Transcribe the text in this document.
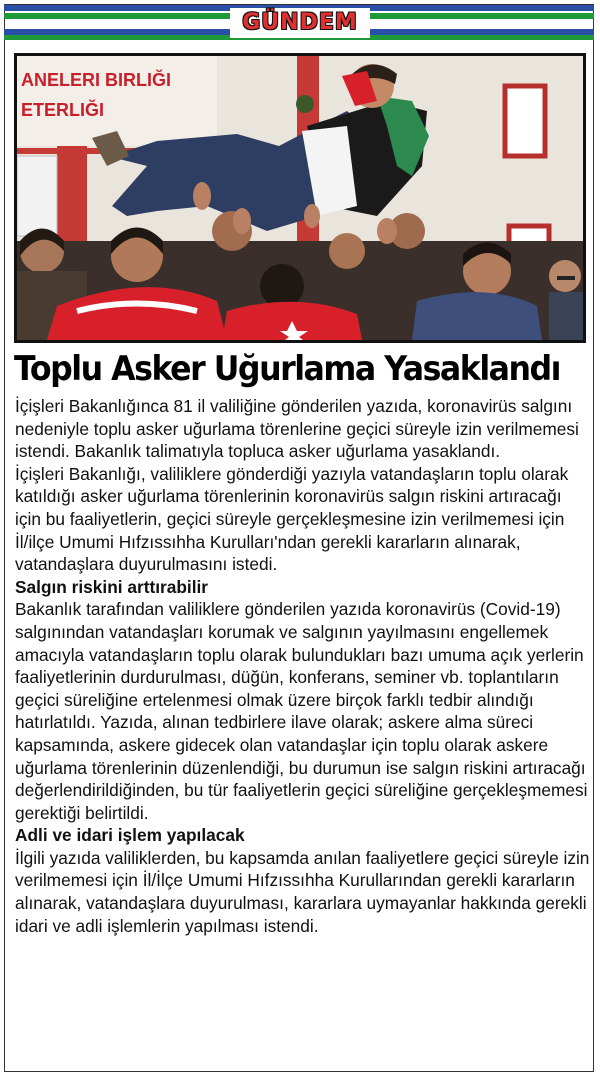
GÜNDEM
ANELERI BIRLIĞI
ETERLIĞI
Toplu Asker Uğurlama Yasaklandı

İçişleri Bakanlığınca 81 il valiliğine gönderilen yazıda, koronavirüs salgını nedeniyle toplu asker uğurlama törenlerine geçici süreyle izin verilmemesi istendi. Bakanlık talimatıyla topluca asker uğurlama yasaklandı.

İçişleri Bakanlığı, valiliklere gönderdiği yazıyla vatandaşların toplu olarak katıldığı asker uğurlama törenlerinin koronavirüs salgın riskini artıracağı için bu faaliyetlerin, geçici süreyle gerçekleşmesine izin verilmemesi için İl/ilçe Umumi Hıfzıssıhha Kurulları'ndan gerekli kararların alınarak, vatandaşlara duyurulmasını istedi.

Salgın riskini arttırabilir

Bakanlık tarafından valiliklere gönderilen yazıda koronavirüs (Covid-19) salgınından vatandaşları korumak ve salgının yayılmasını engellemek amacıyla vatandaşların toplu olarak bulundukları bazı umuma açık yerlerin faaliyetlerinin durdurulması, düğün, konferans, seminer vb. toplantıların geçici süreliğine ertelenmesi olmak üzere birçok farklı tedbir alındığı hatırlatıldı. Yazıda, alınan tedbirlere ilave olarak; askere alma süreci kapsamında, askere gidecek olan vatandaşlar için toplu olarak askere uğurlama törenlerinin düzenlendiği, bu durumun ise salgın riskini artıracağı değerlendirildiğinden, bu tür faaliyetlerin geçici süreliğine gerçekleşmemesi gerektiği belirtildi.

Adli ve idari işlem yapılacak

İlgili yazıda valiliklerden, bu kapsamda anılan faaliyetlere geçici süreyle izin verilmemesi için İl/İlçe Umumi Hıfzıssıhha Kurullarından gerekli kararların alınarak, vatandaşlara duyurulması, kararlara uymayanlar hakkında gerekli idari ve adli işlemlerin yapılması istendi.
